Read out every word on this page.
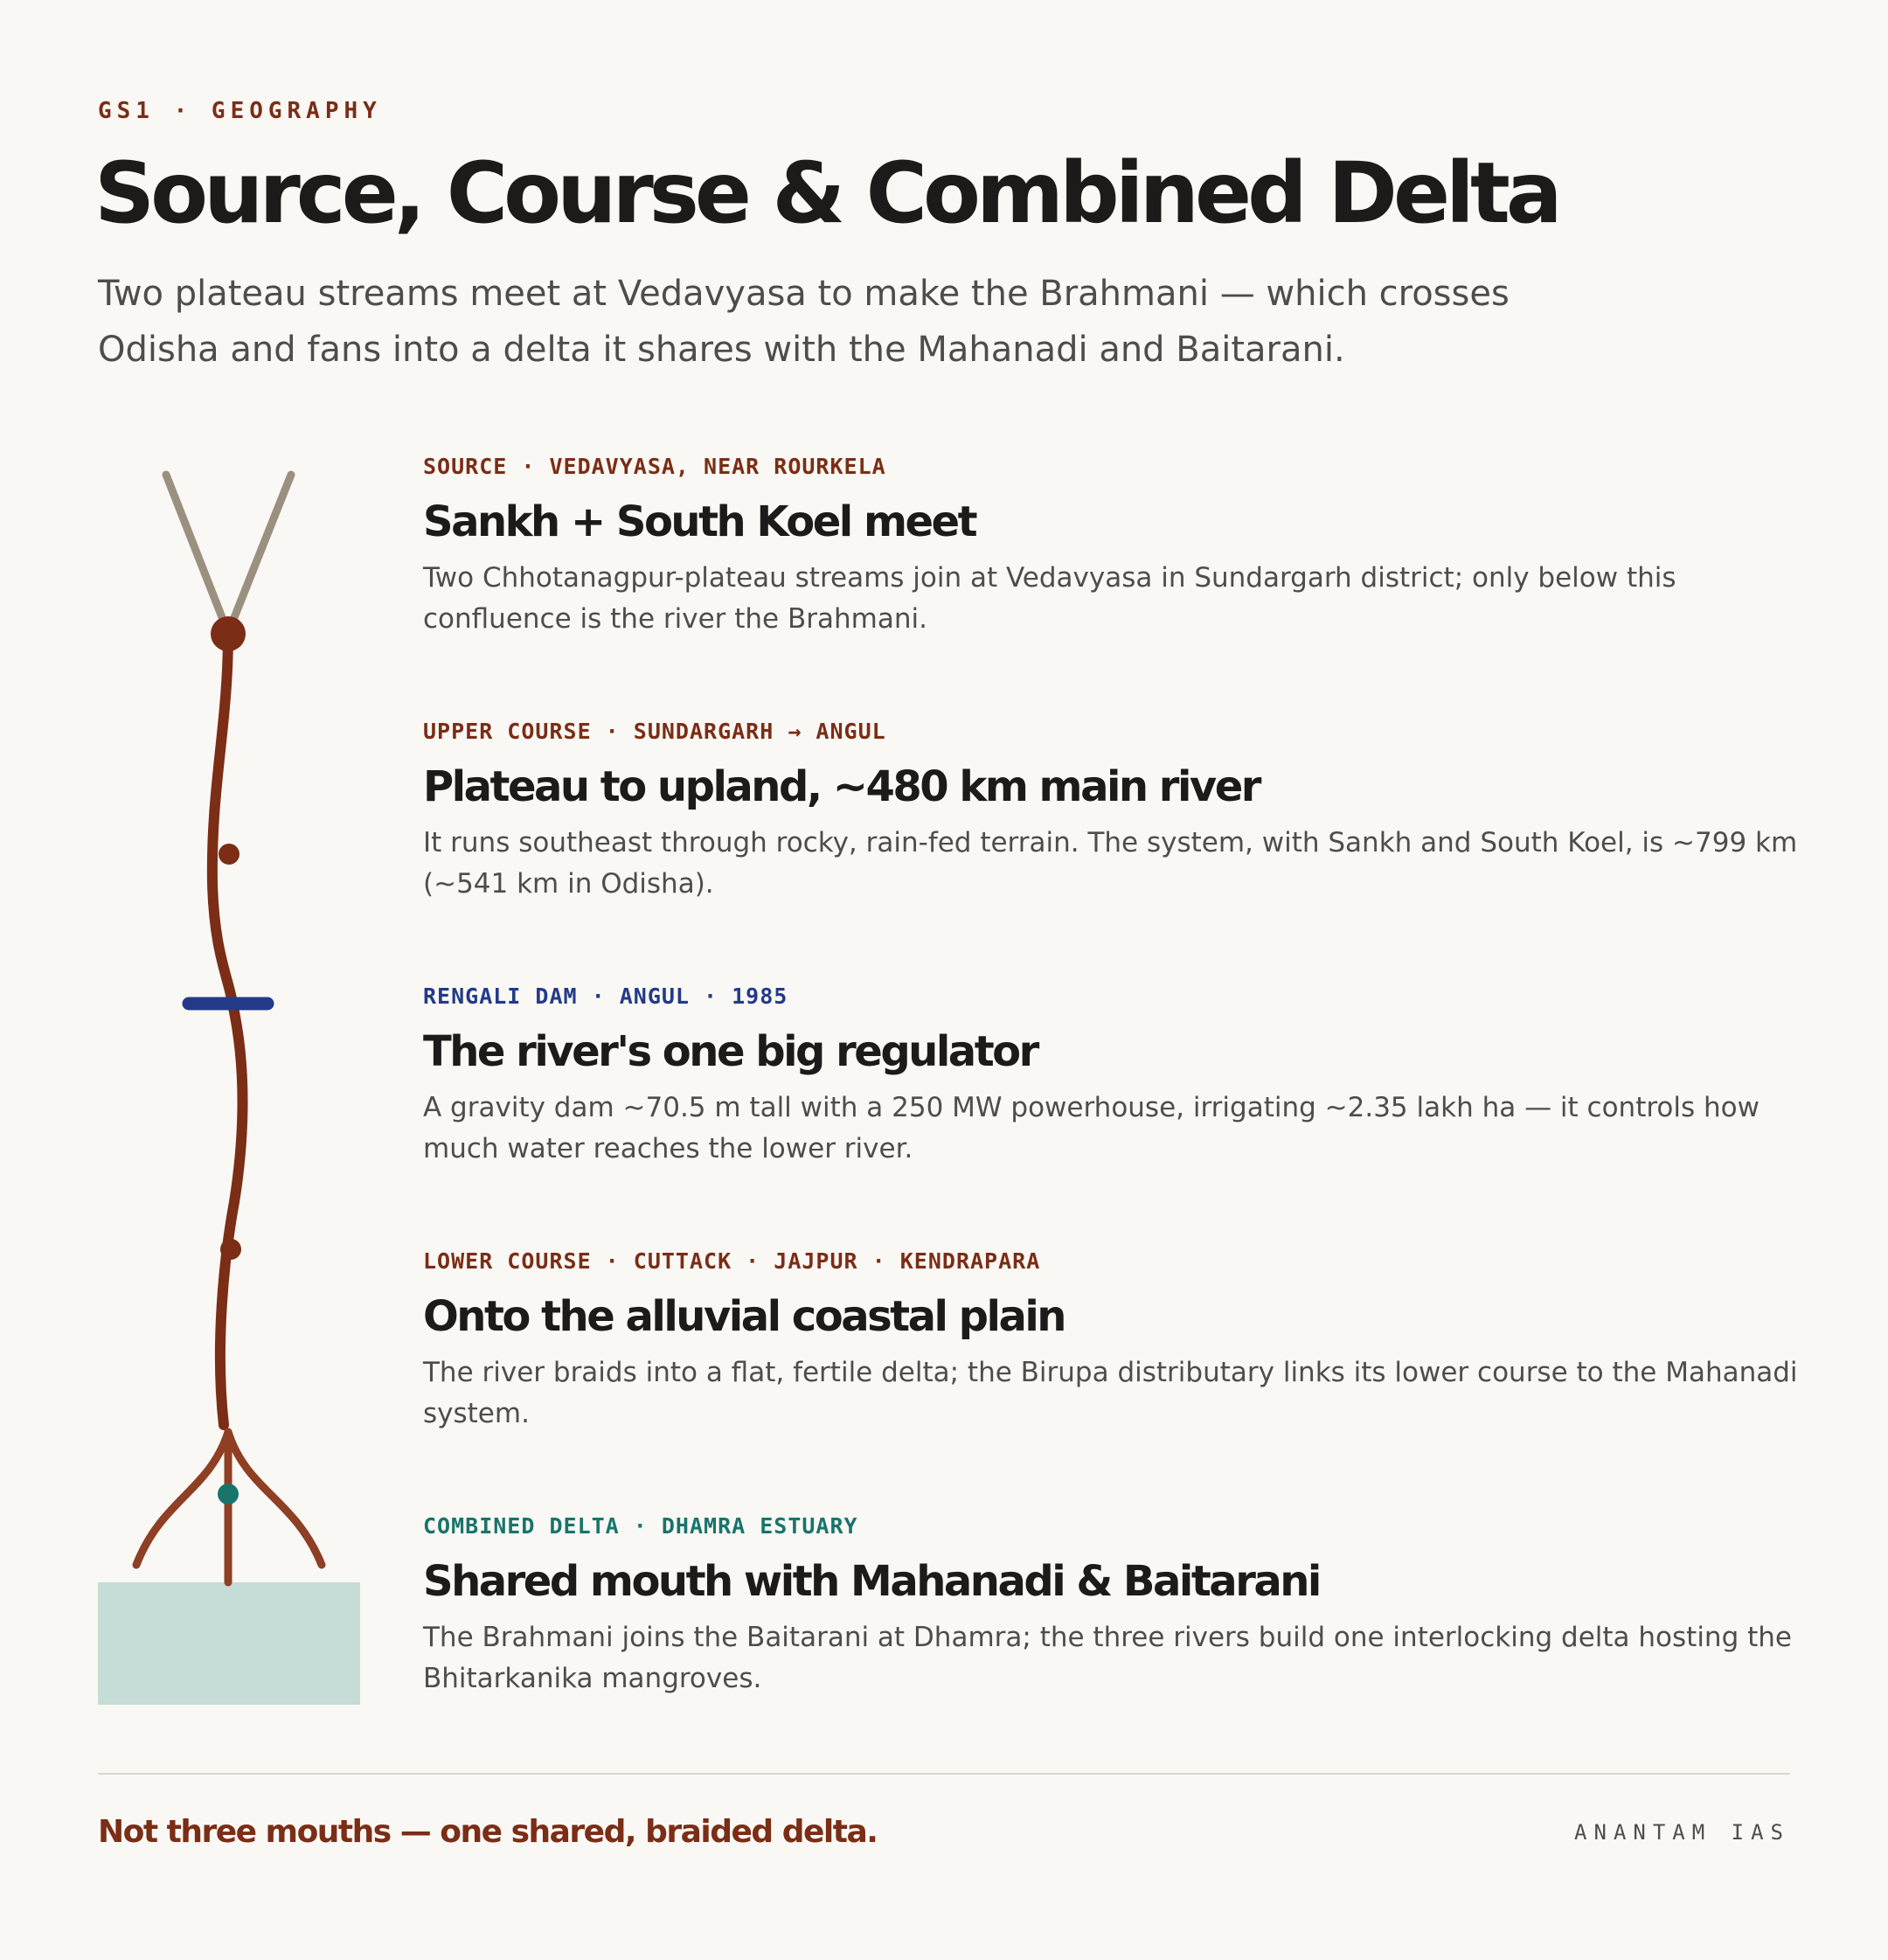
GS1 · GEOGRAPHY
Source, Course & Combined Delta

Two plateau streams meet at Vedavyasa to make the Brahmani — which crosses Odisha and fans into a delta it shares with the Mahanadi and Baitarani.

SOURCE · VEDAVYASA, NEAR ROURKELA
Sankh + South Koel meet
Two Chhotanagpur-plateau streams join at Vedavyasa in Sundargarh district; only below this confluence is the river the Brahmani.
UPPER COURSE · SUNDARGARH → ANGUL
Plateau to upland, ~480 km main river
It runs southeast through rocky, rain-fed terrain. The system, with Sankh and South Koel, is ~799 km (~541 km in Odisha).
RENGALI DAM · ANGUL · 1985
The river's one big regulator
A gravity dam ~70.5 m tall with a 250 MW powerhouse, irrigating ~2.35 lakh ha — it controls how much water reaches the lower river.
LOWER COURSE · CUTTACK · JAJPUR · KENDRAPARA
Onto the alluvial coastal plain
The river braids into a flat, fertile delta; the Birupa distributary links its lower course to the Mahanadi system.
COMBINED DELTA · DHAMRA ESTUARY
Shared mouth with Mahanadi & Baitarani
The Brahmani joins the Baitarani at Dhamra; the three rivers build one interlocking delta hosting the Bhitarkanika mangroves.
Not three mouths — one shared, braided delta.	ANANTAM IAS
